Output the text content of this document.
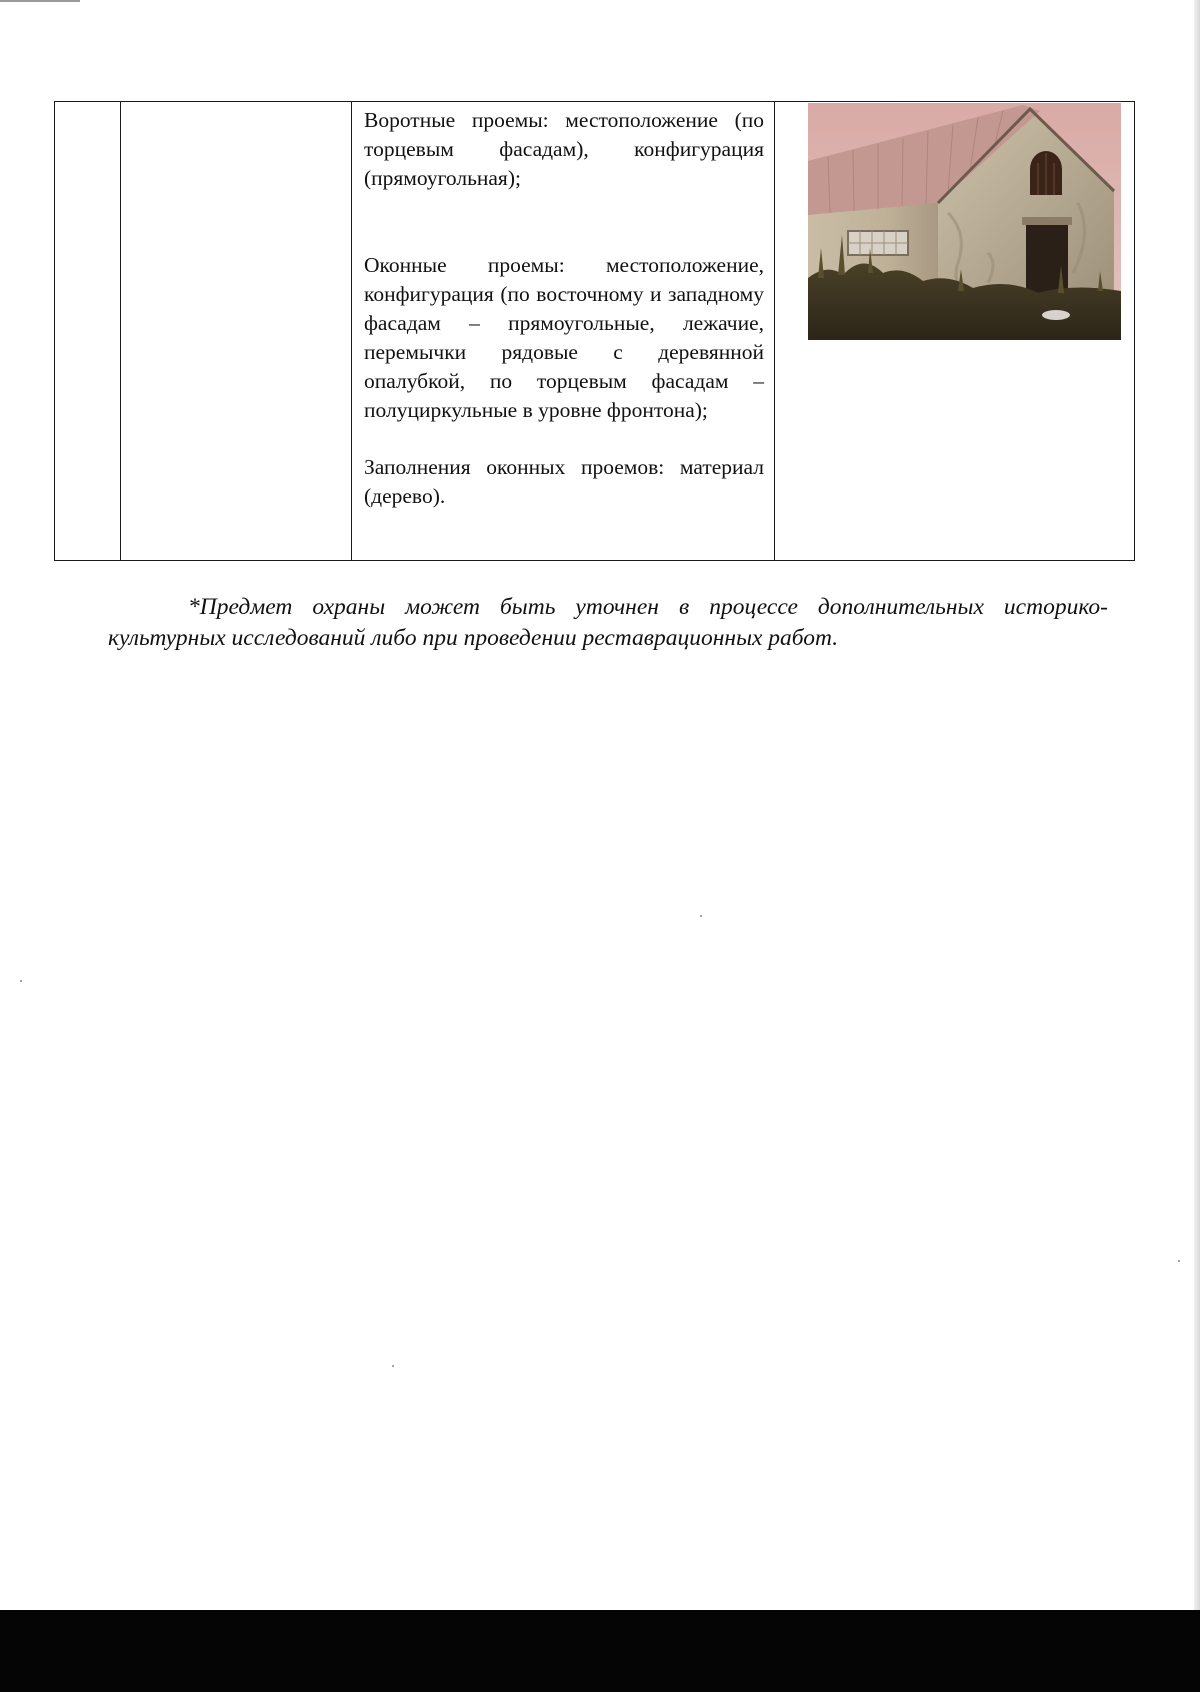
Воротные проемы: местоположение (по торцевым фасадам), конфигурация (прямоугольная);

Оконные проемы: местоположение, конфигурация (по восточному и западному фасадам – прямоугольные, лежачие, перемычки рядовые с деревянной опалубкой, по торцевым фасадам – полуциркульные в уровне фронтона);

Заполнения оконных проемов: материал (дерево).

*Предмет охраны может быть уточнен в процессе дополнительных историко-культурных исследований либо при проведении реставрационных работ.
